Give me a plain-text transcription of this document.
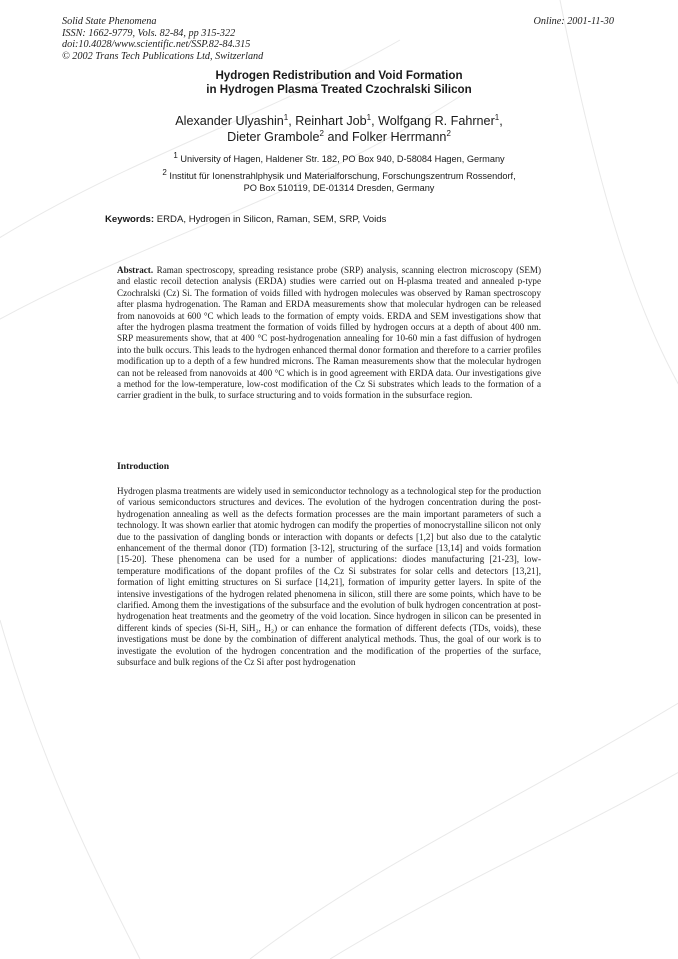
Solid State Phenomena
ISSN: 1662-9779, Vols. 82-84, pp 315-322
doi:10.4028/www.scientific.net/SSP.82-84.315
© 2002 Trans Tech Publications Ltd, Switzerland
Online: 2001-11-30
Hydrogen Redistribution and Void Formation
in Hydrogen Plasma Treated Czochralski Silicon
Alexander Ulyashin$^1$, Reinhart Job$^1$, Wolfgang R. Fahrner$^1$,
Dieter Grambole$^2$ and Folker Herrmann$^2$
$^1$ University of Hagen, Haldener Str. 182, PO Box 940, D-58084 Hagen, Germany
$^2$ Institut für Ionenstrahlphysik und Materialforschung, Forschungszentrum Rossendorf,
PO Box 510119, DE-01314 Dresden, Germany
Keywords: ERDA, Hydrogen in Silicon, Raman, SEM, SRP, Voids
Abstract. Raman spectroscopy, spreading resistance probe (SRP) analysis, scanning electron microscopy (SEM) and elastic recoil detection analysis (ERDA) studies were carried out on H-plasma treated and annealed p-type Czochralski (Cz) Si. The formation of voids filled with hydrogen molecules was observed by Raman spectroscopy after plasma hydrogenation. The Raman and ERDA measurements show that molecular hydrogen can be released from nanovoids at 600 °C which leads to the formation of empty voids. ERDA and SEM investigations show that after the hydrogen plasma treatment the formation of voids filled by hydrogen occurs at a depth of about 400 nm. SRP measurements show, that at 400 °C post-hydrogenation annealing for 10-60 min a fast diffusion of hydrogen into the bulk occurs. This leads to the hydrogen enhanced thermal donor formation and therefore to a carrier profiles modification up to a depth of a few hundred microns. The Raman measurements show that the molecular hydrogen can not be released from nanovoids at 400 °C which is in good agreement with ERDA data. Our investigations give a method for the low-temperature, low-cost modification of the Cz Si substrates which leads to the formation of a carrier gradient in the bulk, to surface structuring and to voids formation in the subsurface region.
Introduction
Hydrogen plasma treatments are widely used in semiconductor technology as a technological step for the production of various semiconductors structures and devices. The evolution of the hydrogen concentration during the post-hydrogenation annealing as well as the defects formation processes are the main important parameters of such a technology. It was shown earlier that atomic hydrogen can modify the properties of monocrystalline silicon not only due to the passivation of dangling bonds or interaction with dopants or defects [1,2] but also due to the catalytic enhancement of the thermal donor (TD) formation [3-12], structuring of the surface [13,14] and voids formation [15-20]. These phenomena can be used for a number of applications: diodes manufacturing [21-23], low-temperature modifications of the dopant profiles of the Cz Si substrates for solar cells and detectors [13,21], formation of light emitting structures on Si surface [14,21], formation of impurity getter layers. In spite of the intensive investigations of the hydrogen related phenomena in silicon, still there are some points, which have to be clarified. Among them the investigations of the subsurface and the evolution of bulk hydrogen concentration at post-hydrogenation heat treatments and the geometry of the void location. Since hydrogen in silicon can be presented in different kinds of species (Si-H, SiH₂, H₂) or can enhance the formation of different defects (TDs, voids), these investigations must be done by the combination of different analytical methods. Thus, the goal of our work is to investigate the evolution of the hydrogen concentration and the modification of the properties of the surface, subsurface and bulk regions of the Cz Si after post hydrogenation
